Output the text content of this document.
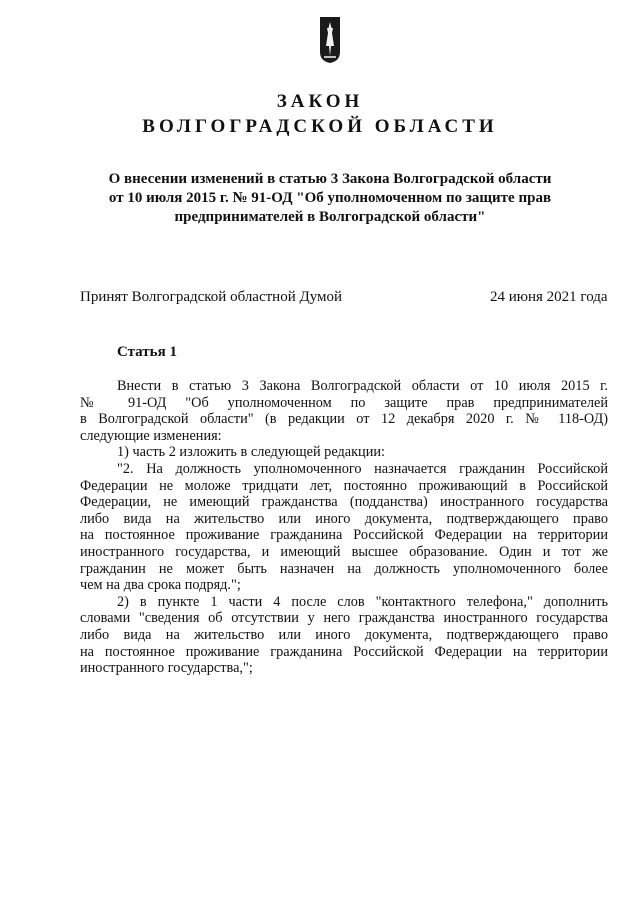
ЗАКОН
ВОЛГОГРАДСКОЙ ОБЛАСТИ
О внесении изменений в статью 3 Закона Волгоградской области
от 10 июля 2015 г. № 91-ОД "Об уполномоченном по защите прав
предпринимателей в Волгоградской области"
Принят Волгоградской областной Думой	24 июня 2021 года
Статья 1
Внести в статью 3 Закона Волгоградской области от 10 июля 2015 г.
№ 91-ОД "Об уполномоченном по защите прав предпринимателей
в Волгоградской области" (в редакции от 12 декабря 2020 г. № 118-ОД)
следующие изменения:
1) часть 2 изложить в следующей редакции:
"2. На должность уполномоченного назначается гражданин Российской
Федерации не моложе тридцати лет, постоянно проживающий в Российской
Федерации, не имеющий гражданства (подданства) иностранного государства
либо вида на жительство или иного документа, подтверждающего право
на постоянное проживание гражданина Российской Федерации на территории
иностранного государства, и имеющий высшее образование. Один и тот же
гражданин не может быть назначен на должность уполномоченного более
чем на два срока подряд.";
2) в пункте 1 части 4 после слов "контактного телефона," дополнить
словами "сведения об отсутствии у него гражданства иностранного государства
либо вида на жительство или иного документа, подтверждающего право
на постоянное проживание гражданина Российской Федерации на территории
иностранного государства,";
